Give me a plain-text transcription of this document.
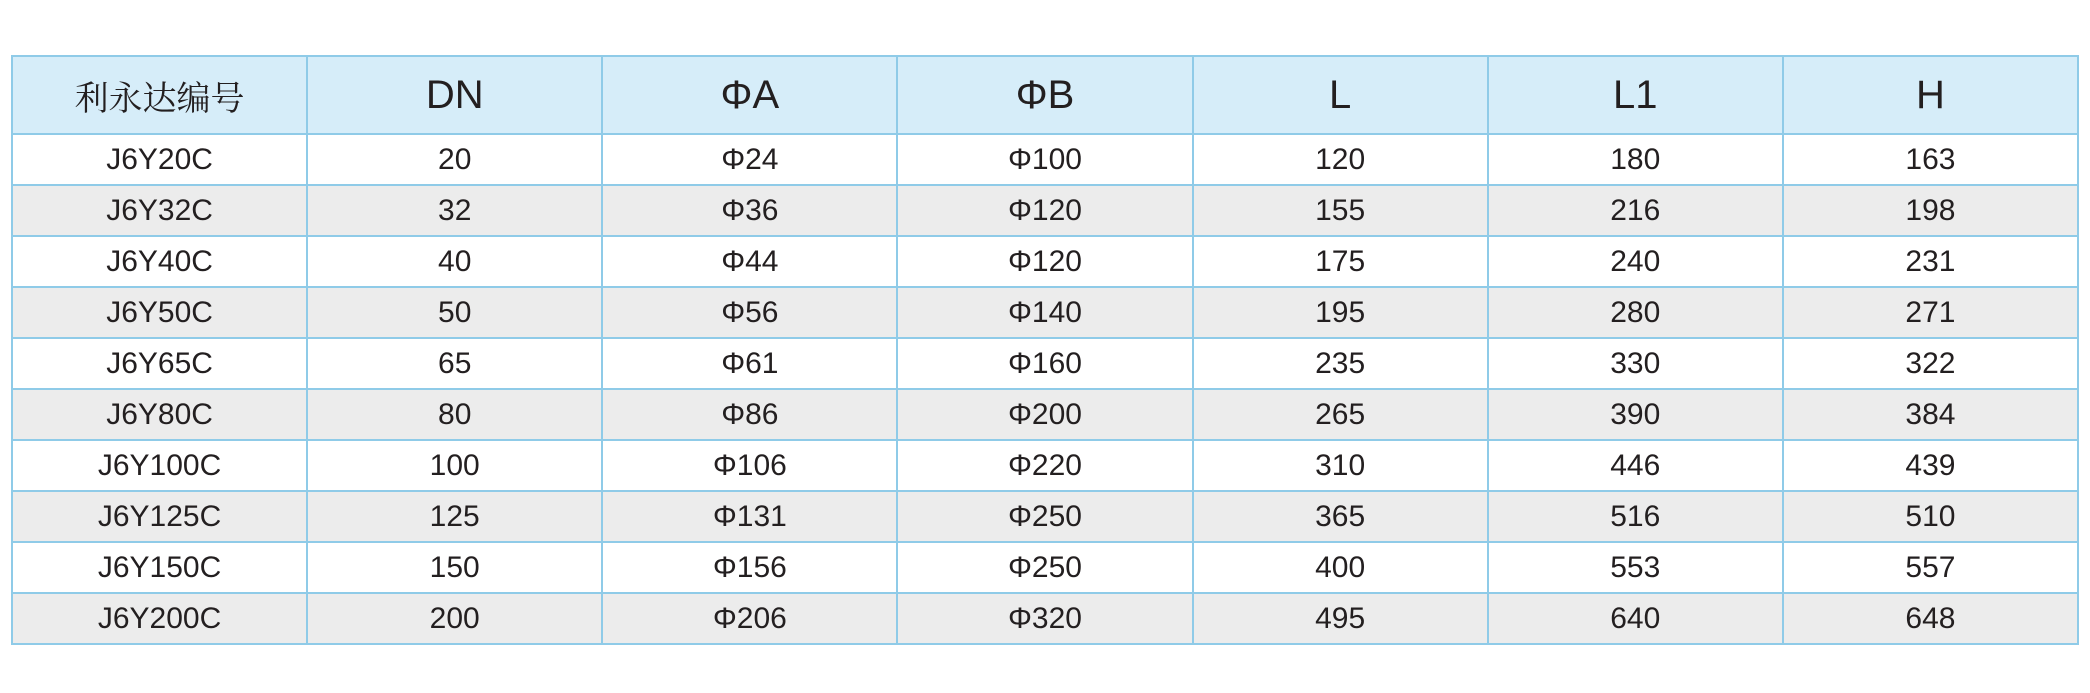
利永达编号	DN	ΦA	ΦB	L	L1	H
J6Y20C	20	Φ24	Φ100	120	180	163
J6Y32C	32	Φ36	Φ120	155	216	198
J6Y40C	40	Φ44	Φ120	175	240	231
J6Y50C	50	Φ56	Φ140	195	280	271
J6Y65C	65	Φ61	Φ160	235	330	322
J6Y80C	80	Φ86	Φ200	265	390	384
J6Y100C	100	Φ106	Φ220	310	446	439
J6Y125C	125	Φ131	Φ250	365	516	510
J6Y150C	150	Φ156	Φ250	400	553	557
J6Y200C	200	Φ206	Φ320	495	640	648
